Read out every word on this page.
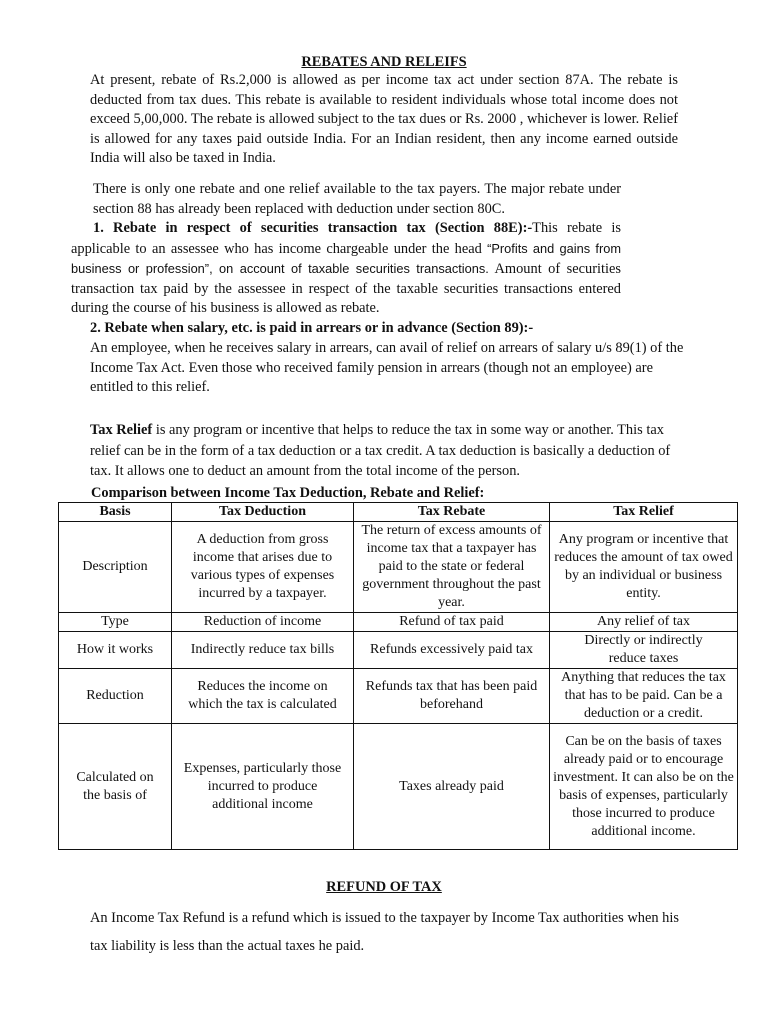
REBATES AND RELEIFS
At present, rebate of Rs.2,000 is allowed as per income tax act under section 87A. The rebate is deducted from tax dues. This rebate is available to resident individuals whose total income does not exceed 5,00,000. The rebate is allowed subject to the tax dues or Rs. 2000 , whichever is lower. Relief is allowed for any taxes paid outside India. For an Indian resident, then any income earned outside India will also be taxed in India.
There is only one rebate and one relief available to the tax payers. The major rebate under section 88 has already been replaced with deduction under section 80C.
1. Rebate in respect of securities transaction tax (Section 88E):-This rebate is applicable to an assessee who has income chargeable under the head “Profits and gains from business or profession”, on account of taxable securities transactions. Amount of securities transaction tax paid by the assessee in respect of the taxable securities transactions entered during the course of his business is allowed as rebate.
2. Rebate when salary, etc. is paid in arrears or in advance (Section 89):-
An employee, when he receives salary in arrears, can avail of relief on arrears of salary u/s 89(1) of the Income Tax Act. Even those who received family pension in arrears (though not an employee) are entitled to this relief.
Tax Relief is any program or incentive that helps to reduce the tax in some way or another. This tax relief can be in the form of a tax deduction or a tax credit. A tax deduction is basically a deduction of tax. It allows one to deduct an amount from the total income of the person.
Comparison between Income Tax Deduction, Rebate and Relief:
Basis	Tax Deduction	Tax Rebate	Tax Relief
Description	A deduction from gross income that arises due to various types of expenses incurred by a taxpayer.	The return of excess amounts of income tax that a taxpayer has paid to the state or federal government throughout the past year.	Any program or incentive that reduces the amount of tax owed by an individual or business entity.
Type	Reduction of income	Refund of tax paid	Any relief of tax
How it works	Indirectly reduce tax bills	Refunds excessively paid tax	Directly or indirectly reduce taxes
Reduction	Reduces the income on which the tax is calculated	Refunds tax that has been paid beforehand	Anything that reduces the tax that has to be paid. Can be a deduction or a credit.
Calculated on the basis of	Expenses, particularly those incurred to produce additional income	Taxes already paid	Can be on the basis of taxes already paid or to encourage investment. It can also be on the basis of expenses, particularly those incurred to produce additional income.
REFUND OF TAX
An Income Tax Refund is a refund which is issued to the taxpayer by Income Tax authorities when his tax liability is less than the actual taxes he paid.
